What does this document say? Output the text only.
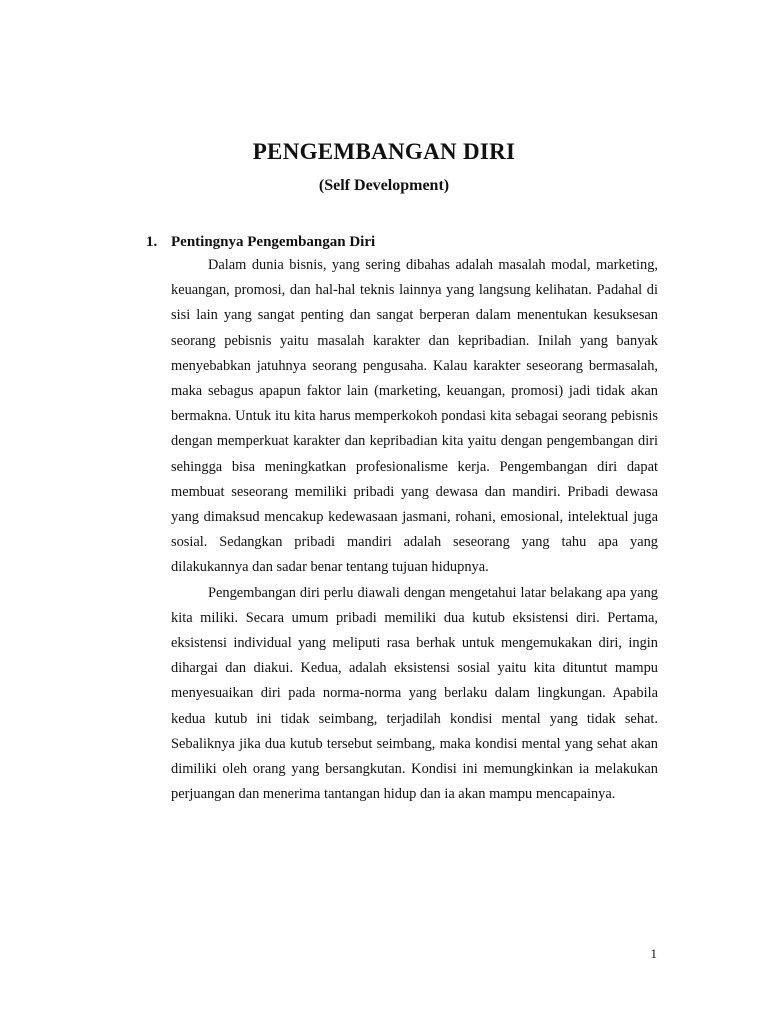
PENGEMBANGAN DIRI
(Self Development)
1. Pentingnya Pengembangan Diri

Dalam dunia bisnis, yang sering dibahas adalah masalah modal, marketing, keuangan, promosi, dan hal-hal teknis lainnya yang langsung kelihatan. Padahal di sisi lain yang sangat penting dan sangat berperan dalam menentukan kesuksesan seorang pebisnis yaitu masalah karakter dan kepribadian. Inilah yang banyak menyebabkan jatuhnya seorang pengusaha. Kalau karakter seseorang bermasalah, maka sebagus apapun faktor lain (marketing, keuangan, promosi) jadi tidak akan bermakna. Untuk itu kita harus memperkokoh pondasi kita sebagai seorang pebisnis dengan memperkuat karakter dan kepribadian kita yaitu dengan pengembangan diri sehingga bisa meningkatkan profesionalisme kerja. Pengembangan diri dapat membuat seseorang memiliki pribadi yang dewasa dan mandiri. Pribadi dewasa yang dimaksud mencakup kedewasaan jasmani, rohani, emosional, intelektual juga sosial. Sedangkan pribadi mandiri adalah seseorang yang tahu apa yang dilakukannya dan sadar benar tentang tujuan hidupnya.

Pengembangan diri perlu diawali dengan mengetahui latar belakang apa yang kita miliki. Secara umum pribadi memiliki dua kutub eksistensi diri. Pertama, eksistensi individual yang meliputi rasa berhak untuk mengemukakan diri, ingin dihargai dan diakui. Kedua, adalah eksistensi sosial yaitu kita dituntut mampu menyesuaikan diri pada norma-norma yang berlaku dalam lingkungan. Apabila kedua kutub ini tidak seimbang, terjadilah kondisi mental yang tidak sehat. Sebaliknya jika dua kutub tersebut seimbang, maka kondisi mental yang sehat akan dimiliki oleh orang yang bersangkutan. Kondisi ini memungkinkan ia melakukan perjuangan dan menerima tantangan hidup dan ia akan mampu mencapainya.

1
